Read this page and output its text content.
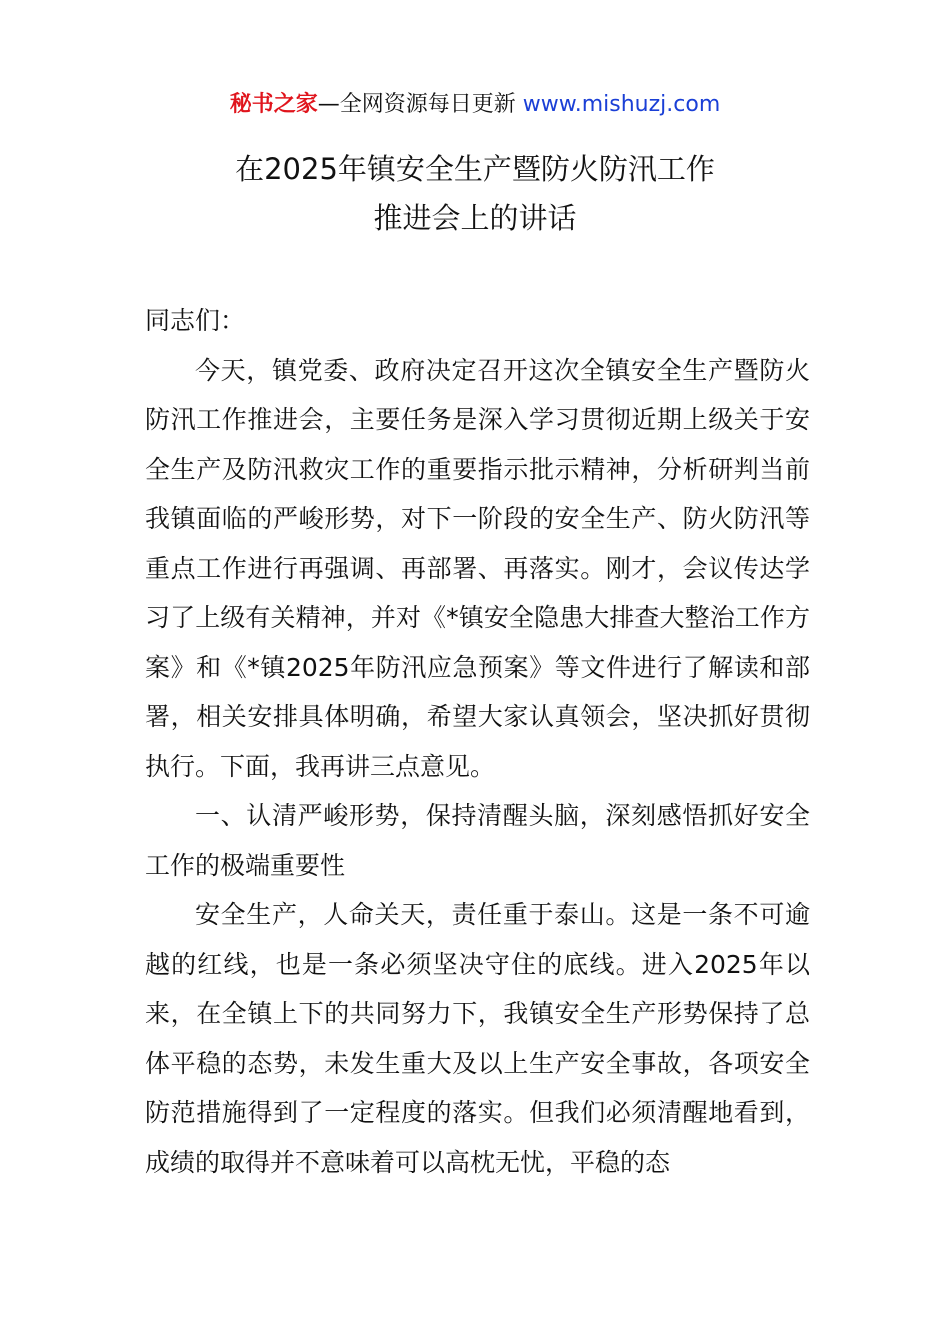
秘书之家—全网资源每日更新 www.mishuzj.com
在2025年镇安全生产暨防火防汛工作
推进会上的讲话

同志们：

今天，镇党委、政府决定召开这次全镇安全生产暨防火防汛工作推进会，主要任务是深入学习贯彻近期上级关于安全生产及防汛救灾工作的重要指示批示精神，分析研判当前我镇面临的严峻形势，对下一阶段的安全生产、防火防汛等重点工作进行再强调、再部署、再落实。刚才，会议传达学习了上级有关精神，并对《*镇安全隐患大排查大整治工作方案》和《*镇2025年防汛应急预案》等文件进行了解读和部署，相关安排具体明确，希望大家认真领会，坚决抓好贯彻执行。下面，我再讲三点意见。

一、认清严峻形势，保持清醒头脑，深刻感悟抓好安全工作的极端重要性

安全生产，人命关天，责任重于泰山。这是一条不可逾越的红线，也是一条必须坚决守住的底线。进入2025年以来，在全镇上下的共同努力下，我镇安全生产形势保持了总体平稳的态势，未发生重大及以上生产安全事故，各项安全防范措施得到了一定程度的落实。但我们必须清醒地看到，成绩的取得并不意味着可以高枕无忧，平稳的态
